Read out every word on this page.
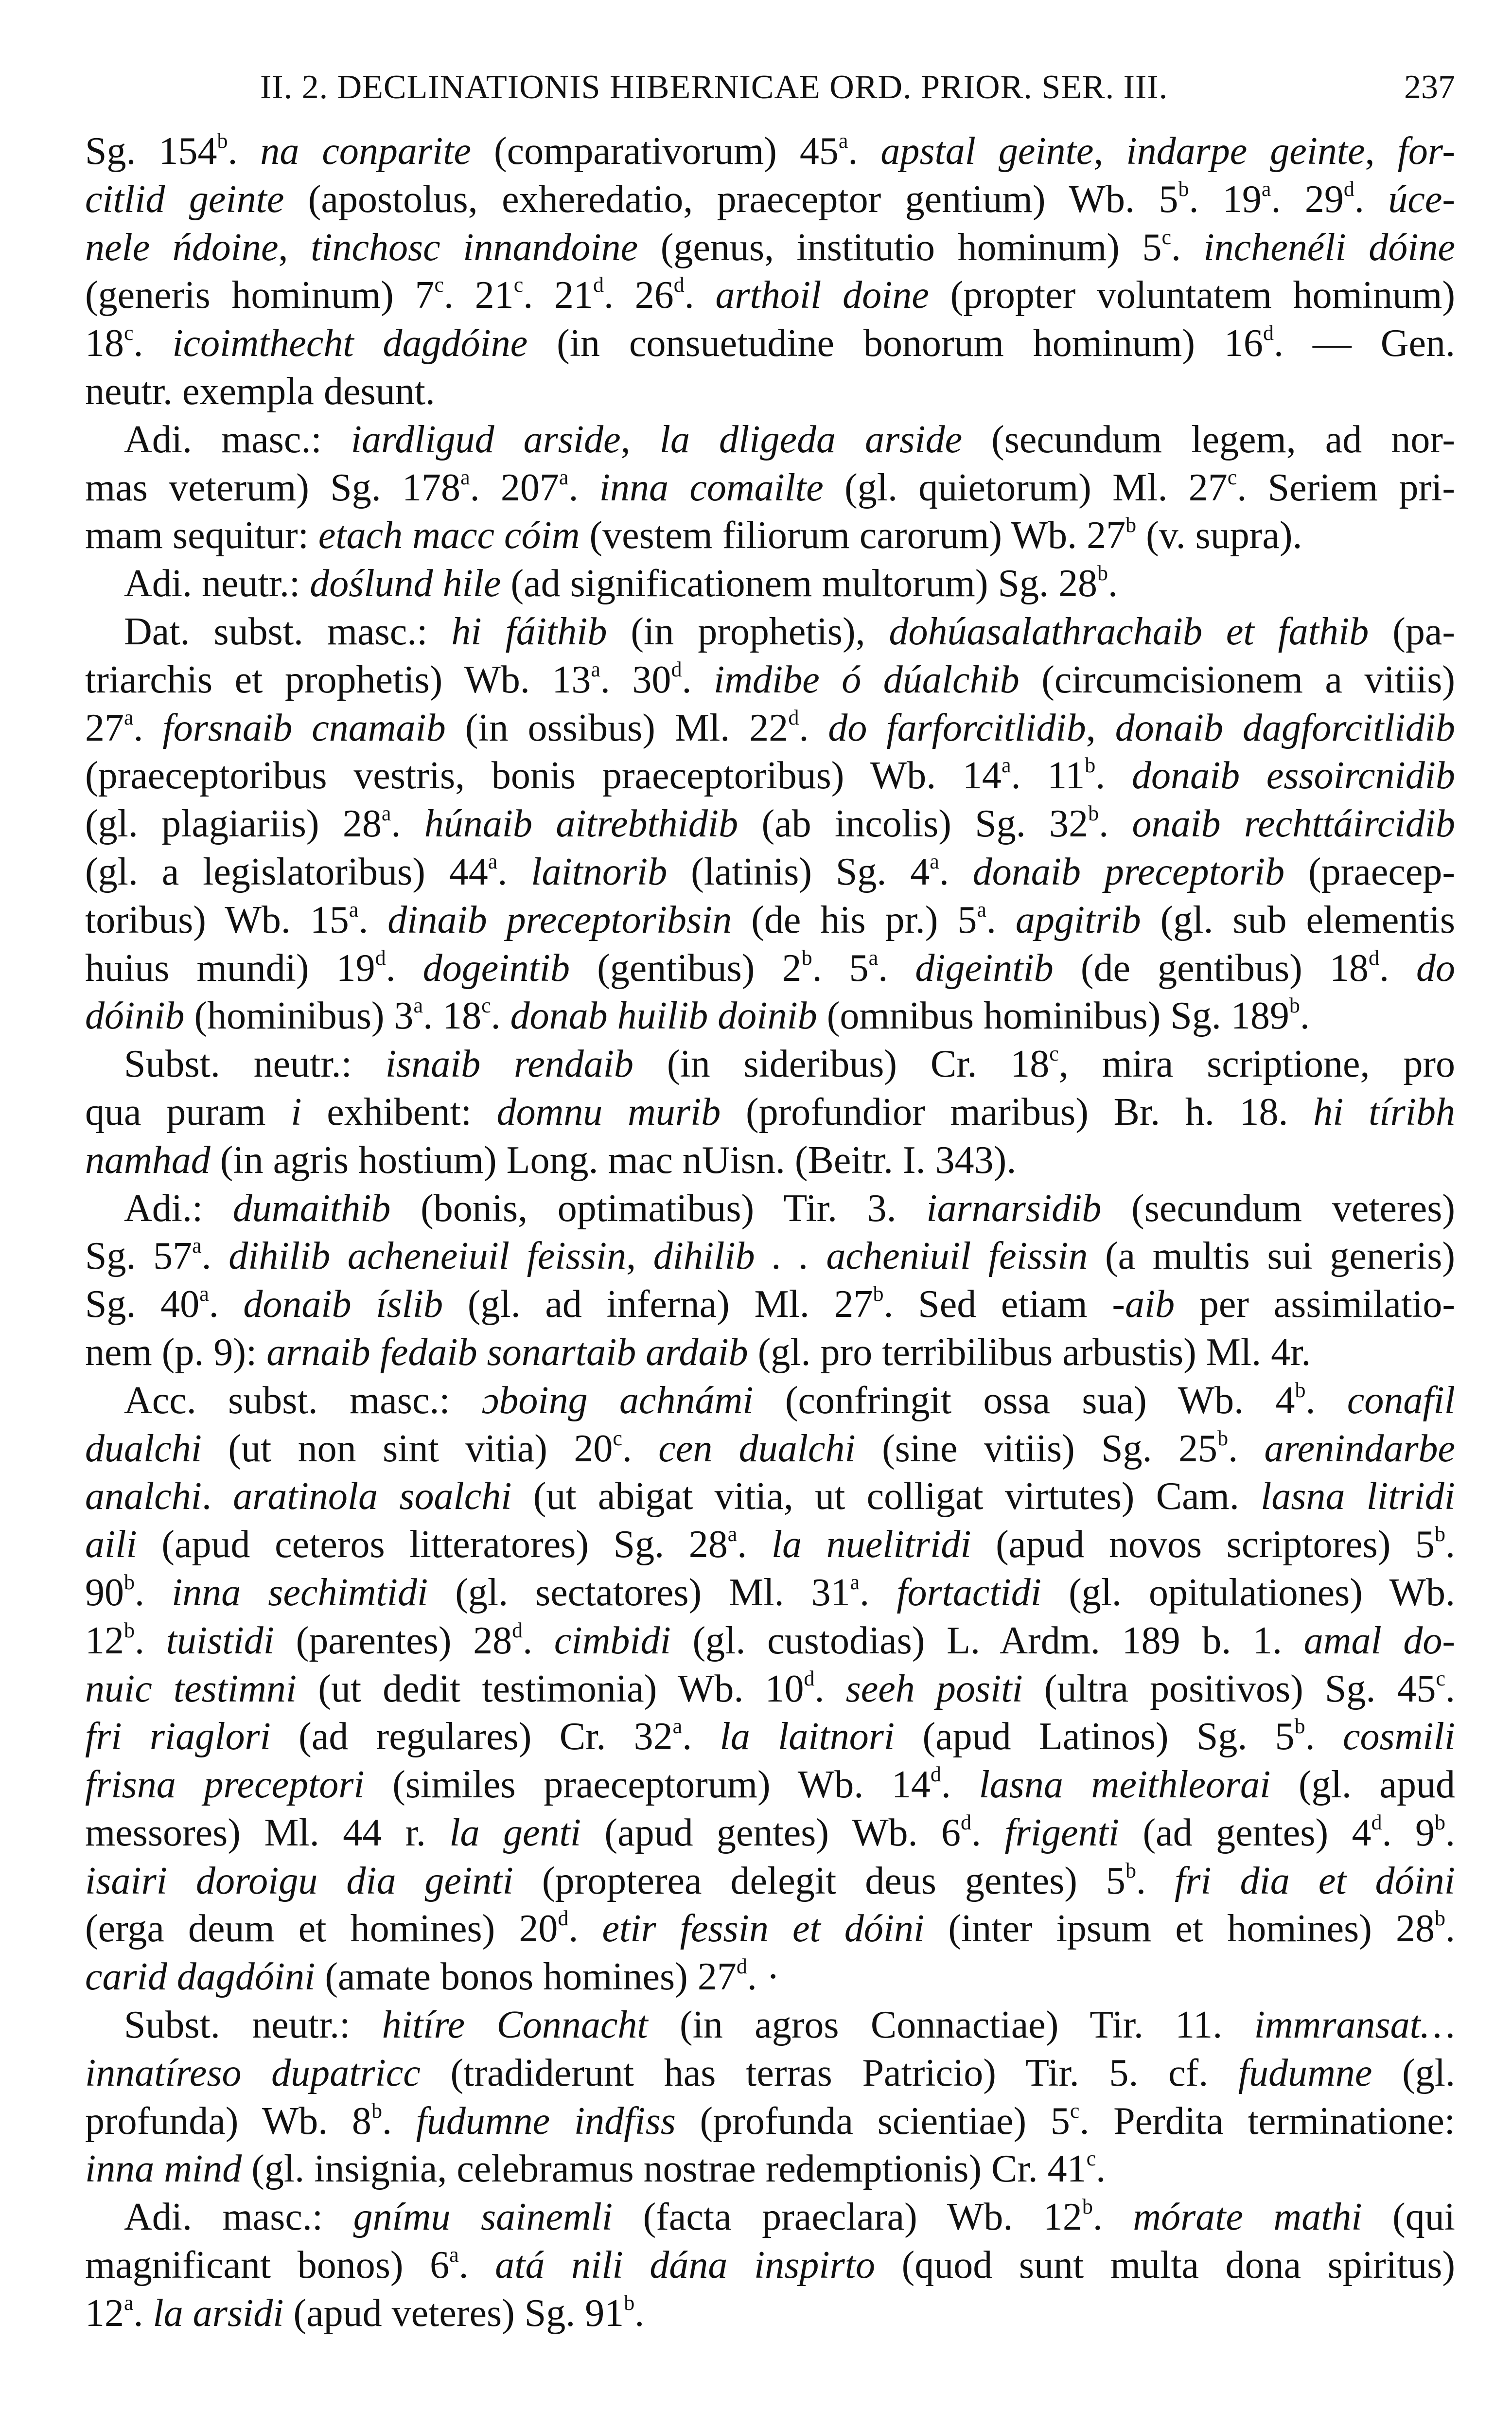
II. 2. DECLINATIONIS HIBERNICAE ORD. PRIOR. SER. III.	237
Sg. 154$^b$. na conparite (comparativorum) 45$^a$. apstal geinte, indarpe geinte, for-
citlid geinte (apostolus, exheredatio, praeceptor gentium) Wb. 5$^b$. 19$^a$. 29$^d$. úce-
nele ńdoine, tinchosc innandoine (genus, institutio hominum) 5$^c$. inchenéli dóine
(generis hominum) 7$^c$. 21$^c$. 21$^d$. 26$^d$. arthoil doine (propter voluntatem hominum)
18$^c$. icoimthecht dagdóine (in consuetudine bonorum hominum) 16$^d$. — Gen.
neutr. exempla desunt.
Adi. masc.: iardligud arside, la dligeda arside (secundum legem, ad nor-
mas veterum) Sg. 178$^a$. 207$^a$. inna comailte (gl. quietorum) Ml. 27$^c$. Seriem pri-
mam sequitur: etach macc cóim (vestem filiorum carorum) Wb. 27$^b$ (v. supra).
Adi. neutr.: doślund hile (ad significationem multorum) Sg. 28$^b$.
Dat. subst. masc.: hi fáithib (in prophetis), dohúasalathrachaib et fathib (pa-
triarchis et prophetis) Wb. 13$^a$. 30$^d$. imdibe ó dúalchib (circumcisionem a vitiis)
27$^a$. forsnaib cnamaib (in ossibus) Ml. 22$^d$. do farforcitlidib, donaib dagforcitlidib
(praeceptoribus vestris, bonis praeceptoribus) Wb. 14$^a$. 11$^b$. donaib essoircnidib
(gl. plagiariis) 28$^a$. húnaib aitrebthidib (ab incolis) Sg. 32$^b$. onaib rechttáircidib
(gl. a legislatoribus) 44$^a$. laitnorib (latinis) Sg. 4$^a$. donaib preceptorib (praecep-
toribus) Wb. 15$^a$. dinaib preceptoribsin (de his pr.) 5$^a$. apgitrib (gl. sub elementis
huius mundi) 19$^d$. dogeintib (gentibus) 2$^b$. 5$^a$. digeintib (de gentibus) 18$^d$. do
dóinib (hominibus) 3$^a$. 18$^c$. donab huilib doinib (omnibus hominibus) Sg. 189$^b$.
Subst. neutr.: isnaib rendaib (in sideribus) Cr. 18$^c$, mira scriptione, pro
qua puram i exhibent: domnu murib (profundior maribus) Br. h. 18. hi tíribh
namhad (in agris hostium) Long. mac nUisn. (Beitr. I. 343).
Adi.: dumaithib (bonis, optimatibus) Tir. 3. iarnarsidib (secundum veteres)
Sg. 57$^a$. dihilib acheneiuil feissin, dihilib . . acheniuil feissin (a multis sui generis)
Sg. 40$^a$. donaib íslib (gl. ad inferna) Ml. 27$^b$. Sed etiam -aib per assimilatio-
nem (p. 9): arnaib fedaib sonartaib ardaib (gl. pro terribilibus arbustis) Ml. 4r.
Acc. subst. masc.: ɔboing achnámi (confringit ossa sua) Wb. 4$^b$. conafil
dualchi (ut non sint vitia) 20$^c$. cen dualchi (sine vitiis) Sg. 25$^b$. arenindarbe
analchi. aratinola soalchi (ut abigat vitia, ut colligat virtutes) Cam. lasna litridi
aili (apud ceteros litteratores) Sg. 28$^a$. la nuelitridi (apud novos scriptores) 5$^b$.
90$^b$. inna sechimtidi (gl. sectatores) Ml. 31$^a$. fortactidi (gl. opitulationes) Wb.
12$^b$. tuistidi (parentes) 28$^d$. cimbidi (gl. custodias) L. Ardm. 189 b. 1. amal do-
nuic testimni (ut dedit testimonia) Wb. 10$^d$. seeh positi (ultra positivos) Sg. 45$^c$.
fri riaglori (ad regulares) Cr. 32$^a$. la laitnori (apud Latinos) Sg. 5$^b$. cosmili
frisna preceptori (similes praeceptorum) Wb. 14$^d$. lasna meithleorai (gl. apud
messores) Ml. 44 r. la genti (apud gentes) Wb. 6$^d$. frigenti (ad gentes) 4$^d$. 9$^b$.
isairi doroigu dia geinti (propterea delegit deus gentes) 5$^b$. fri dia et dóini
(erga deum et homines) 20$^d$. etir fessin et dóini (inter ipsum et homines) 28$^b$.
carid dagdóini (amate bonos homines) $27^d$. ·
Subst. neutr.: hitíre Connacht (in agros Connactiae) Tir. 11. immransat…
innatíreso dupatricc (tradiderunt has terras Patricio) Tir. 5. cf. fudumne (gl.
profunda) Wb. 8$^b$. fudumne indfiss (profunda scientiae) 5$^c$. Perdita terminatione:
inna mind (gl. insignia, celebramus nostrae redemptionis) Cr. 41$^c$.
Adi. masc.: gnímu sainemli (facta praeclara) Wb. 12$^b$. mórate mathi (qui
magnificant bonos) 6$^a$. atá nili dána inspirto (quod sunt multa dona spiritus)
12$^a$. la arsidi (apud veteres) Sg. 91$^b$.
